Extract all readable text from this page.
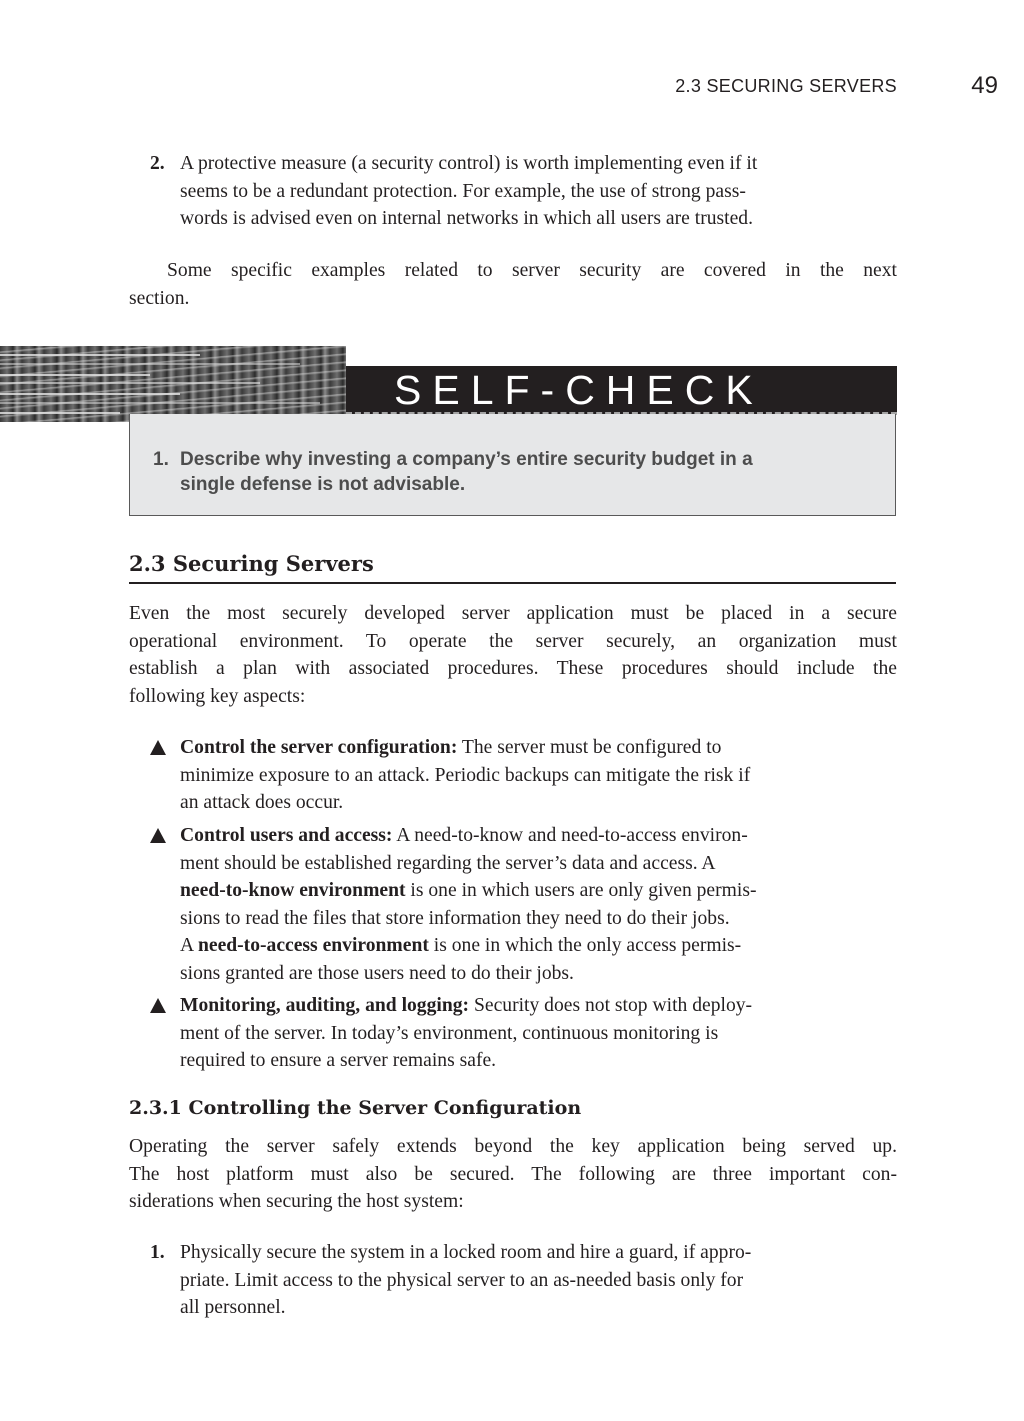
2.3 SECURING SERVERS	49
2. A protective measure (a security control) is worth implementing even if it
seems to be a redundant protection. For example, the use of strong pass-
words is advised even on internal networks in which all users are trusted.
Some specific examples related to server security are covered in the next
section.
SELF-CHECK
1. Describe why investing a company’s entire security budget in a
single defense is not advisable.
2.3 Securing Servers
Even the most securely developed server application must be placed in a secure
operational environment. To operate the server securely, an organization must
establish a plan with associated procedures. These procedures should include the
following key aspects:
Control the server configuration: The server must be configured to
minimize exposure to an attack. Periodic backups can mitigate the risk if
an attack does occur.
Control users and access: A need-to-know and need-to-access environ-
ment should be established regarding the server’s data and access. A
need-to-know environment is one in which users are only given permis-
sions to read the files that store information they need to do their jobs.
A need-to-access environment is one in which the only access permis-
sions granted are those users need to do their jobs.
Monitoring, auditing, and logging: Security does not stop with deploy-
ment of the server. In today’s environment, continuous monitoring is
required to ensure a server remains safe.
2.3.1 Controlling the Server Configuration
Operating the server safely extends beyond the key application being served up.
The host platform must also be secured. The following are three important con-
siderations when securing the host system:
1. Physically secure the system in a locked room and hire a guard, if appro-
priate. Limit access to the physical server to an as-needed basis only for
all personnel.
